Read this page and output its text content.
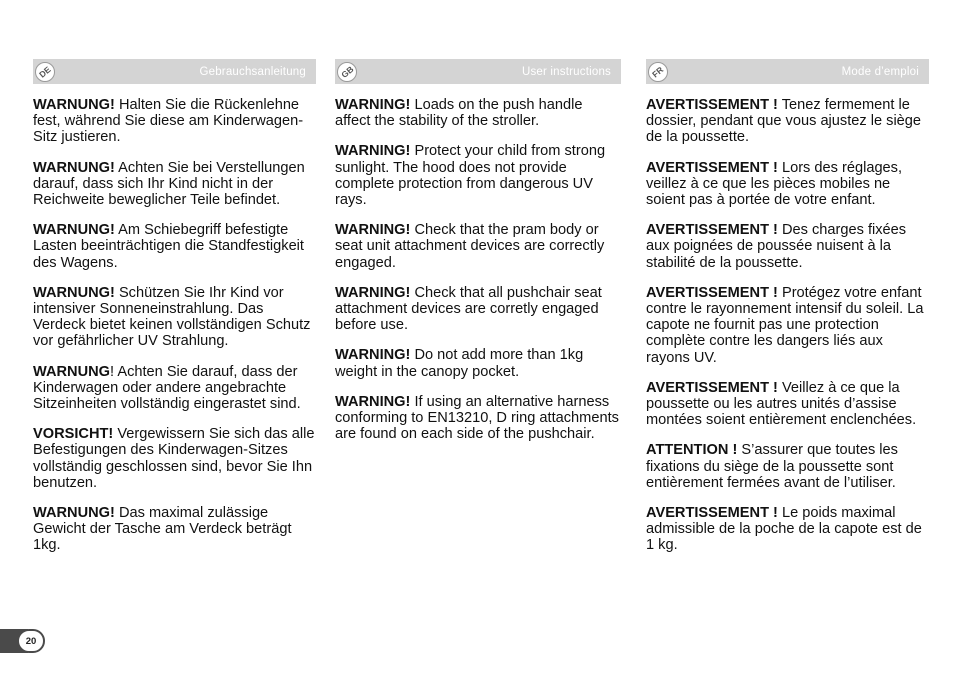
DE	Gebrauchsanleitung

WARNUNG! Halten Sie die Rückenlehne fest, während Sie diese am Kinderwagen-Sitz justieren.

WARNUNG! Achten Sie bei Verstellungen darauf, dass sich Ihr Kind nicht in der Reichweite beweglicher Teile befindet.

WARNUNG! Am Schiebegriff befestigte Lasten beeinträchtigen die Standfestigkeit des Wagens.

WARNUNG! Schützen Sie Ihr Kind vor intensiver Sonneneinstrahlung. Das Verdeck bietet keinen vollständigen Schutz vor gefährlicher UV Strahlung.

WARNUNG! Achten Sie darauf, dass der Kinderwagen oder andere angebrachte Sitzeinheiten vollständig eingerastet sind.

VORSICHT! Vergewissern Sie sich das alle Befestigungen des Kinderwagen-Sitzes vollständig geschlossen sind, bevor Sie Ihn benutzen.

WARNUNG! Das maximal zulässige Gewicht der Tasche am Verdeck beträgt 1kg.

GB	User instructions

WARNING! Loads on the push handle affect the stability of the stroller.

WARNING! Protect your child from strong sunlight. The hood does not provide complete protection from dangerous UV rays.

WARNING! Check that the pram body or seat unit attachment devices are correctly engaged.

WARNING! Check that all pushchair seat attachment devices are corretly engaged before use.

WARNING! Do not add more than 1kg weight in the canopy pocket.

WARNING! If using an alternative harness conforming to EN13210, D ring attachments are found on each side of the pushchair.

FR	Mode d’emploi

AVERTISSEMENT ! Tenez fermement le dossier, pendant que vous ajustez le siège de la poussette.

AVERTISSEMENT ! Lors des réglages, veillez à ce que les pièces mobiles ne soient pas à portée de votre enfant.

AVERTISSEMENT ! Des charges fixées aux poignées de poussée nuisent à la stabilité de la poussette.

AVERTISSEMENT ! Protégez votre enfant contre le rayonnement intensif du soleil. La capote ne fournit pas une protection complète contre les dangers liés aux rayons UV.

AVERTISSEMENT ! Veillez à ce que la poussette ou les autres unités d’assise montées soient entièrement enclenchées.

ATTENTION ! S’assurer que toutes les fixations du siège de la poussette sont entièrement fermées avant de l’utiliser.

AVERTISSEMENT ! Le poids maximal admissible de la poche de la capote est de 1 kg.

20
